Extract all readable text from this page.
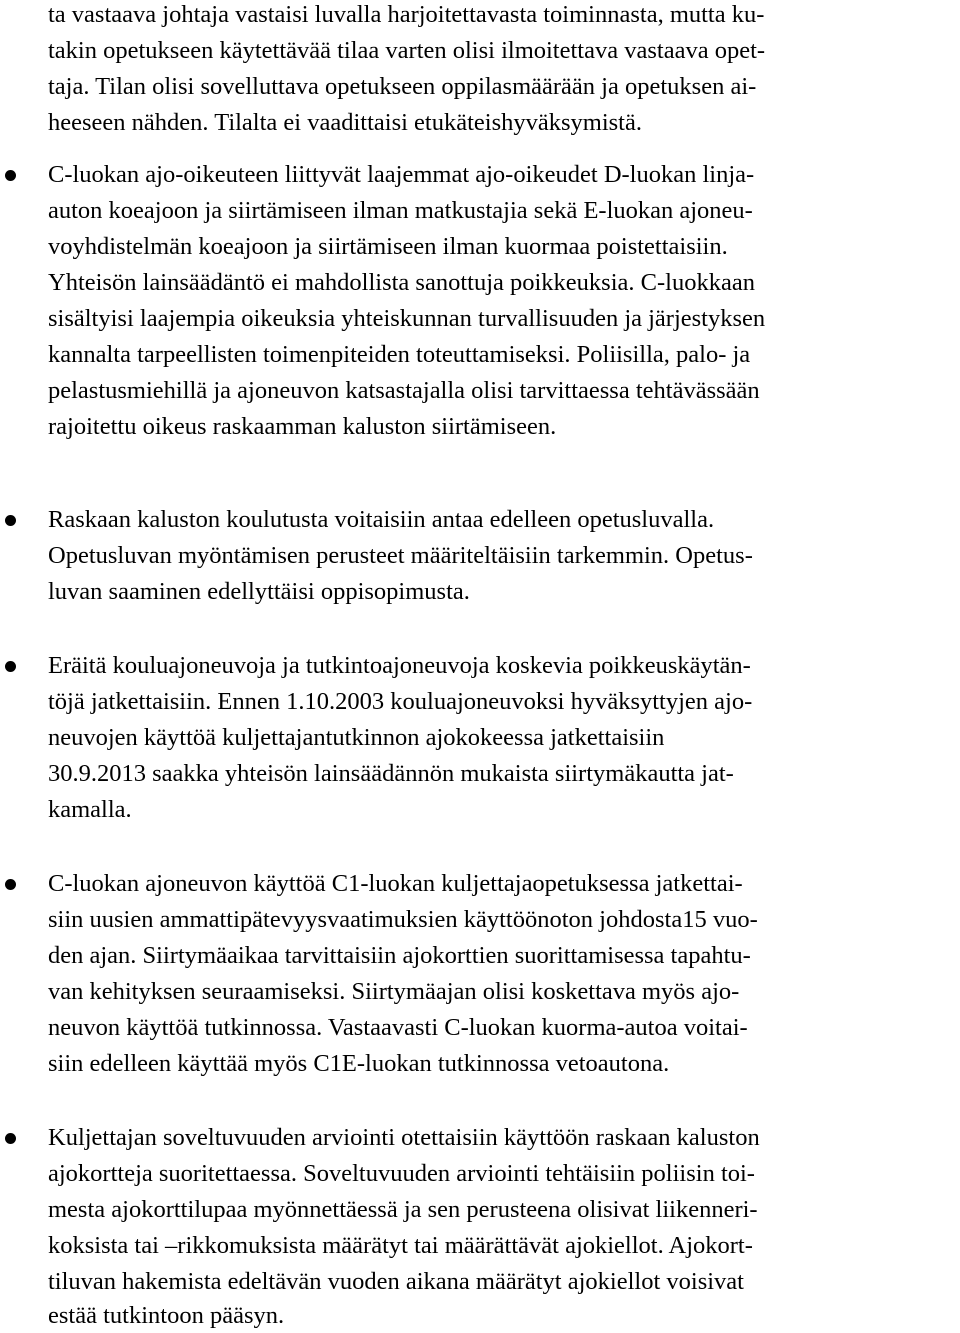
ta vastaava johtaja vastaisi luvalla harjoitettavasta toiminnasta, mutta ku-

takin opetukseen käytettävää tilaa varten olisi ilmoitettava vastaava opet-

taja. Tilan olisi sovelluttava opetukseen oppilasmäärään ja opetuksen ai-

heeseen nähden. Tilalta ei vaadittaisi etukäteishyväksymistä.

C-luokan ajo-oikeuteen liittyvät laajemmat ajo-oikeudet D-luokan linja-

auton koeajoon ja siirtämiseen ilman matkustajia sekä E-luokan ajoneu-

voyhdistelmän koeajoon ja siirtämiseen ilman kuormaa poistettaisiin.

Yhteisön lainsäädäntö ei mahdollista sanottuja poikkeuksia. C-luokkaan

sisältyisi laajempia oikeuksia yhteiskunnan turvallisuuden ja järjestyksen

kannalta tarpeellisten toimenpiteiden toteuttamiseksi. Poliisilla, palo- ja

pelastusmiehillä ja ajoneuvon katsastajalla olisi tarvittaessa tehtävässään

rajoitettu oikeus raskaamman kaluston siirtämiseen.

Raskaan kaluston koulutusta voitaisiin antaa edelleen opetusluvalla.

Opetusluvan myöntämisen perusteet määriteltäisiin tarkemmin. Opetus-

luvan saaminen edellyttäisi oppisopimusta.

Eräitä kouluajoneuvoja ja tutkintoajoneuvoja koskevia poikkeuskäytän-

töjä jatkettaisiin. Ennen 1.10.2003 kouluajoneuvoksi hyväksyttyjen ajo-

neuvojen käyttöä kuljettajantutkinnon ajokokeessa jatkettaisiin

30.9.2013 saakka yhteisön lainsäädännön mukaista siirtymäkautta jat-

kamalla.

C-luokan ajoneuvon käyttöä C1-luokan kuljettajaopetuksessa jatkettai-

siin uusien ammattipätevyysvaatimuksien käyttöönoton johdosta15 vuo-

den ajan. Siirtymäaikaa tarvittaisiin ajokorttien suorittamisessa tapahtu-

van kehityksen seuraamiseksi. Siirtymäajan olisi koskettava myös ajo-

neuvon käyttöä tutkinnossa. Vastaavasti C-luokan kuorma-autoa voitai-

siin edelleen käyttää myös C1E-luokan tutkinnossa vetoautona.

Kuljettajan soveltuvuuden arviointi otettaisiin käyttöön raskaan kaluston

ajokortteja suoritettaessa. Soveltuvuuden arviointi tehtäisiin poliisin toi-

mesta ajokorttilupaa myönnettäessä ja sen perusteena olisivat liikenneri-

koksista tai –rikkomuksista määrätyt tai määrättävät ajokiellot. Ajokort-

tiluvan hakemista edeltävän vuoden aikana määrätyt ajokiellot voisivat

estää tutkintoon pääsyn.
